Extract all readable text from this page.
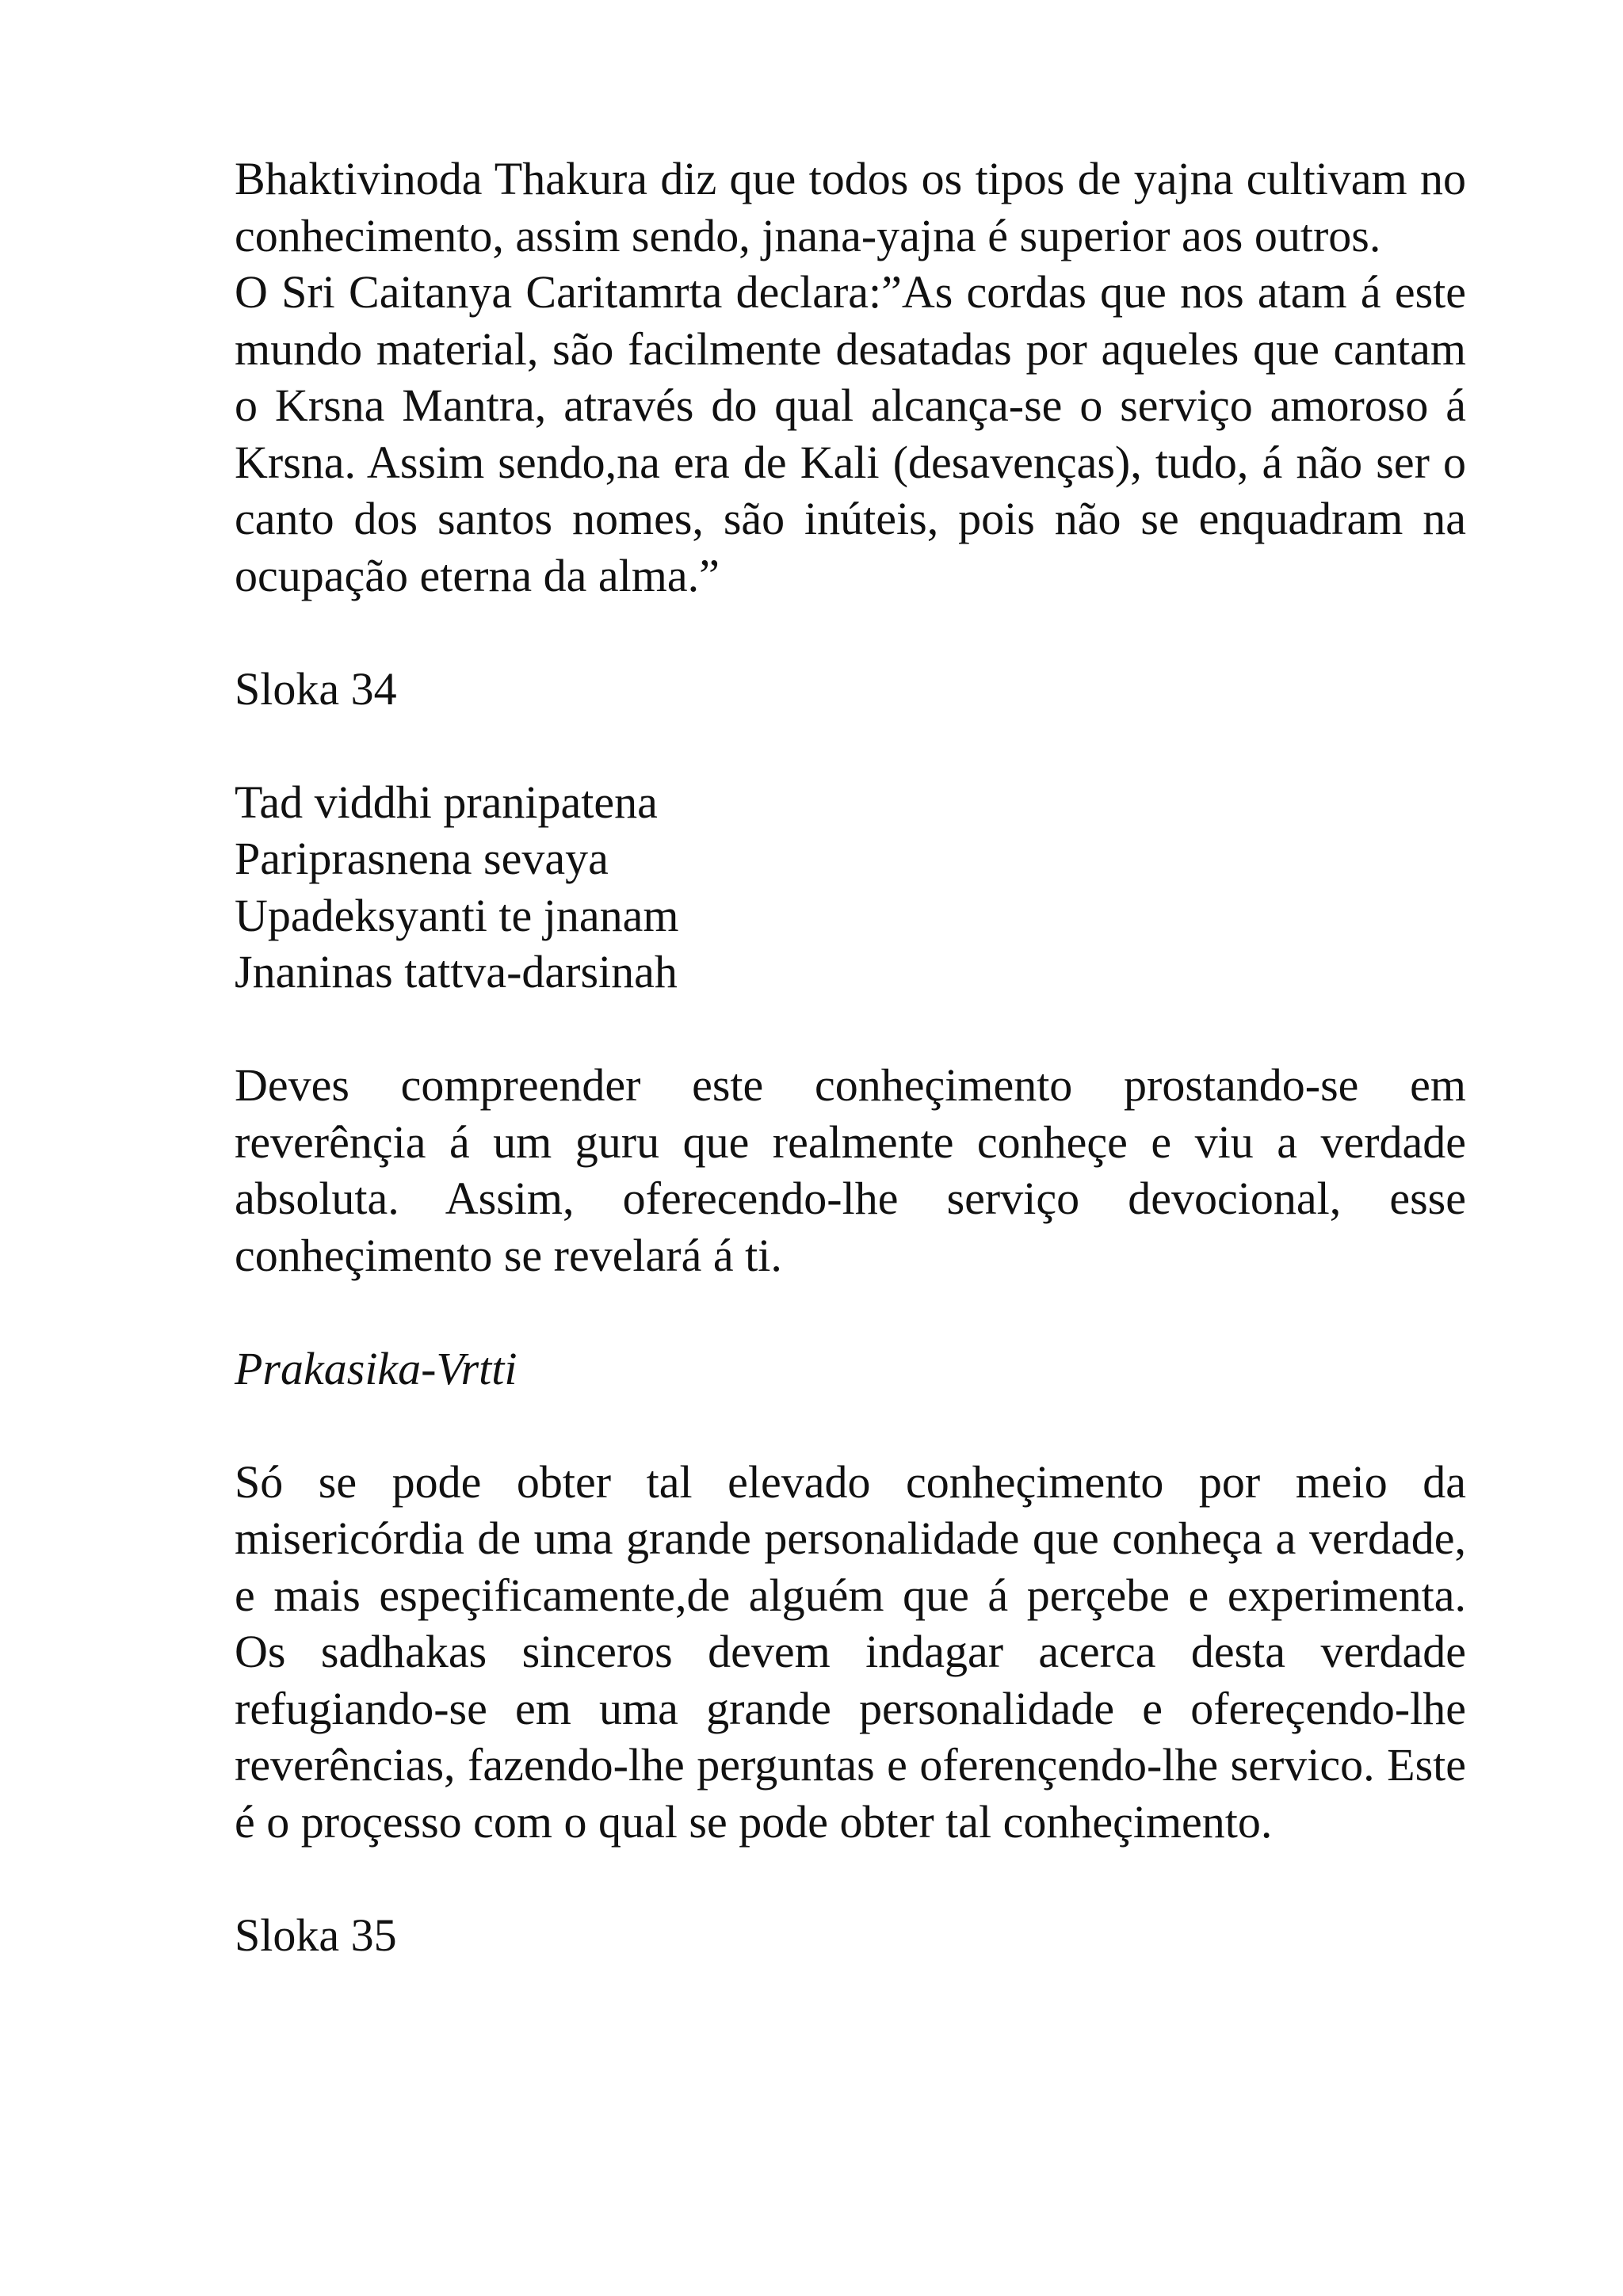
Bhaktivinoda Thakura diz que todos os tipos de yajna cultivam no conhecimento, assim sendo, jnana-yajna é superior aos outros.

O Sri Caitanya Caritamrta declara:”As cordas que nos atam á este mundo material, são facilmente desatadas por aqueles que cantam o Krsna Mantra, através do qual alcança-se o serviço amoroso á Krsna. Assim sendo,na era de Kali (desavenças), tudo, á não ser o canto dos santos nomes, são inúteis, pois não se enquadram na ocupação eterna da alma.”

Sloka 34

Tad viddhi pranipatena

Pariprasnena sevaya

Upadeksyanti te jnanam

Jnaninas tattva-darsinah

Deves compreender este conheçimento prostando-se em reverênçia á um guru que realmente conheçe e viu a verdade absoluta. Assim, oferecendo-lhe serviço devocional, esse conheçimento se revelará á ti.

Prakasika-Vrtti

Só se pode obter tal elevado conheçimento por meio da misericórdia de uma grande personalidade que conheça a verdade, e mais espeçificamente,de alguém que á perçebe e experimenta. Os sadhakas sinceros devem indagar acerca desta verdade refugiando-se em uma grande personalidade e ofereçendo-lhe reverências, fazendo-lhe perguntas e oferençendo-lhe servico. Este é o proçesso com o qual se pode obter tal conheçimento.

Sloka 35
